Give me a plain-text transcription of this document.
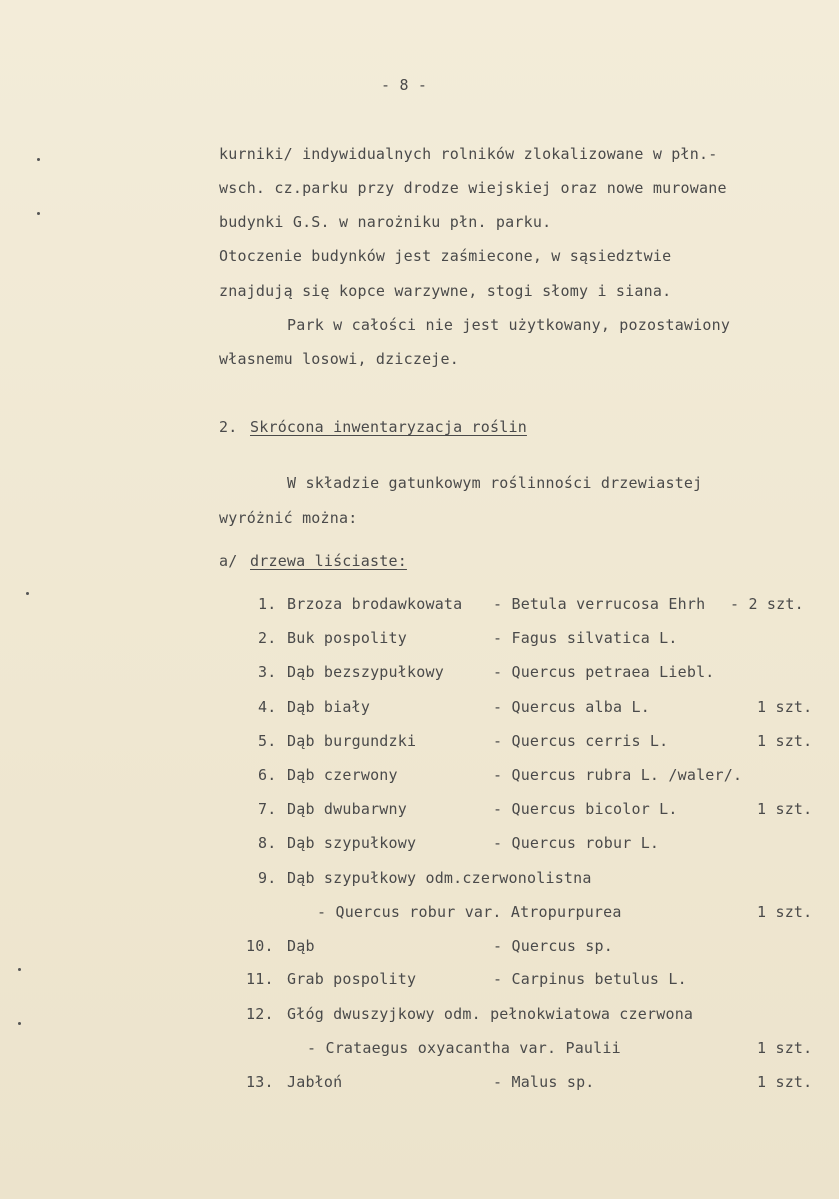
- 8 -
kurniki/ indywidualnych rolników zlokalizowane w płn.-
wsch. cz.parku przy drodze wiejskiej oraz nowe murowane
budynki G.S. w narożniku płn. parku.
Otoczenie budynków jest zaśmiecone, w sąsiedztwie
znajdują się kopce warzywne, stogi słomy i siana.
Park w całości nie jest użytkowany, pozostawiony
własnemu losowi, dziczeje.
2. Skrócona inwentaryzacja roślin
W składzie gatunkowym roślinności drzewiastej
wyróżnić można:
a/ drzewa liściaste:
1. Brzoza brodawkowata - Betula verrucosa Ehrh - 2 szt.
2. Buk pospolity	- Fagus silvatica L.
3. Dąb bezszypułkowy	- Quercus petraea Liebl.
4. Dąb biały	- Quercus alba L.	1 szt.
5. Dąb burgundzki	- Quercus cerris L.	1 szt.
6. Dąb czerwony	- Quercus rubra L. /waler/.
7. Dąb dwubarwny	- Quercus bicolor L.	1 szt.
8. Dąb szypułkowy	- Quercus robur L.
9. Dąb szypułkowy odm.czerwonolistna
- Quercus robur var. Atropurpurea	1 szt.
10. Dąb	- Quercus sp.
11. Grab pospolity	- Carpinus betulus L.
12. Głóg dwuszyjkowy odm. pełnokwiatowa czerwona
- Crataegus oxyacantha var. Paulii	1 szt.
13. Jabłoń	- Malus sp.	1 szt.
